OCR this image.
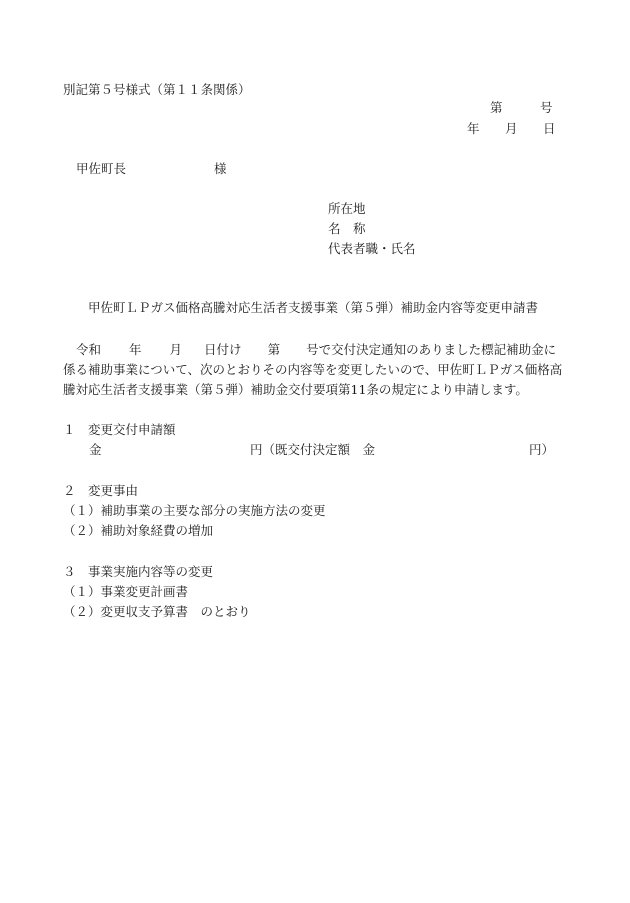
別記第５号様式（第１１条関係）
第	号
年 月 日
甲佐町長	様
所在地
名　称
代表者職・氏名
甲佐町ＬＰガス価格高騰対応生活者支援事業（第５弾）補助金内容等変更申請書
令和 年 月 日付け 第 号で交付決定通知のありました標記補助金に
係る補助事業について、次のとおりその内容等を変更したいので、甲佐町ＬＰガス価格高
騰対応生活者支援事業（第５弾）補助金交付要項第11条の規定により申請します。
１　変更交付申請額
金	円（既交付決定額　金	円）
２　変更事由
（１）補助事業の主要な部分の実施方法の変更
（２）補助対象経費の増加
３　事業実施内容等の変更
（１）事業変更計画書
（２）変更収支予算書　のとおり
